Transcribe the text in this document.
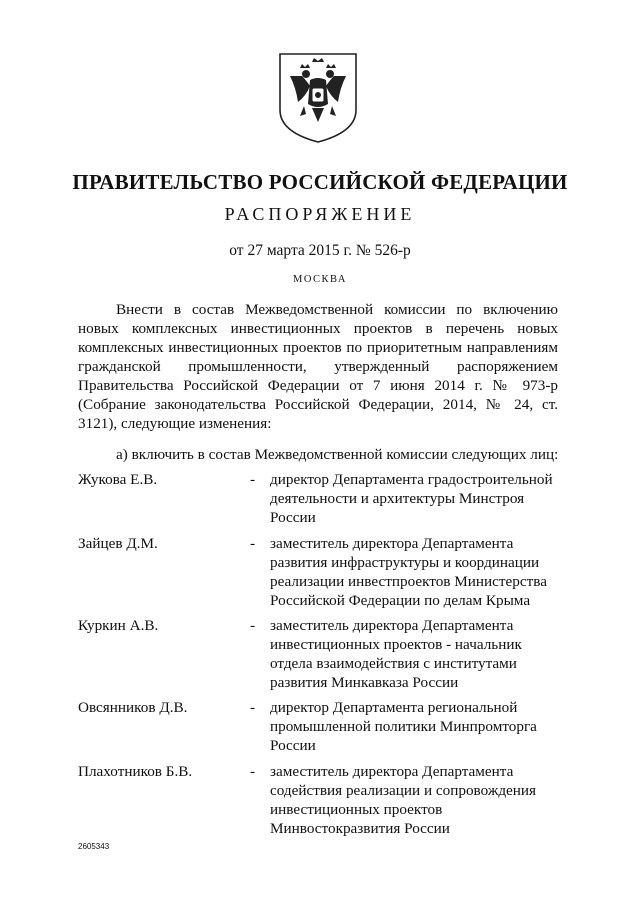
ПРАВИТЕЛЬСТВО РОССИЙСКОЙ ФЕДЕРАЦИИ
РАСПОРЯЖЕНИЕ
от 27 марта 2015 г. № 526-р
МОСКВА
Внести в состав Межведомственной комиссии по включению новых комплексных инвестиционных проектов в перечень новых комплексных инвестиционных проектов по приоритетным направлениям гражданской промышленности, утвержденный распоряжением Правительства Российской Федерации от 7 июня 2014 г. № 973-р (Собрание законодательства Российской Федерации, 2014, № 24, ст. 3121), следующие изменения:
а) включить в состав Межведомственной комиссии следующих лиц:
Жукова Е.В.	- директор Департамента градостроительной деятельности и архитектуры Минстроя России
Зайцев Д.М.	- заместитель директора Департамента развития инфраструктуры и координации реализации инвестпроектов Министерства Российской Федерации по делам Крыма
Куркин А.В.	- заместитель директора Департамента инвестиционных проектов - начальник отдела взаимодействия с институтами развития Минкавказа России
Овсянников Д.В.	- директор Департамента региональной промышленной политики Минпромторга России
Плахотников Б.В.	- заместитель директора Департамента содействия реализации и сопровождения инвестиционных проектов Минвостокразвития России
2605343
